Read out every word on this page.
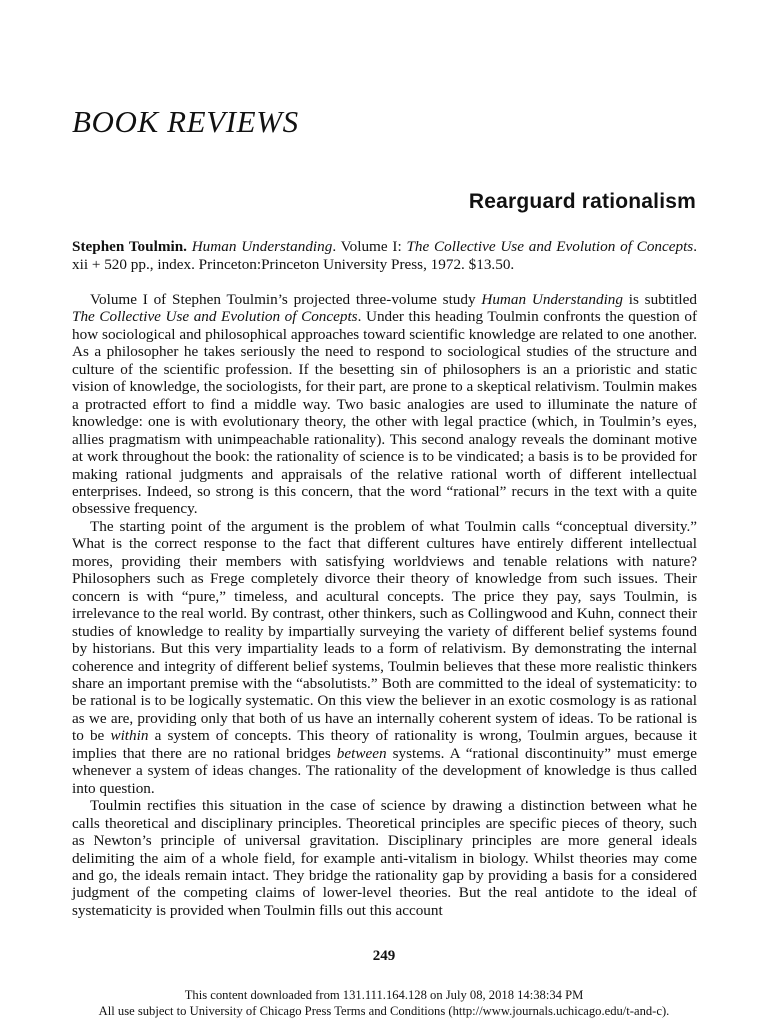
BOOK REVIEWS
Rearguard rationalism

Stephen Toulmin. Human Understanding. Volume I: The Collective Use and Evolution of Concepts. xii + 520 pp., index. Princeton:Princeton University Press, 1972. $13.50.

Volume I of Stephen Toulmin’s projected three-volume study Human Understanding is subtitled The Collective Use and Evolution of Concepts. Under this heading Toulmin confronts the question of how sociological and philosophical approaches toward scientific knowledge are related to one another. As a philosopher he takes seriously the need to respond to sociological studies of the structure and culture of the scientific profession. If the besetting sin of philosophers is an a prioristic and static vision of knowledge, the sociologists, for their part, are prone to a skeptical relativism. Toulmin makes a protracted effort to find a middle way. Two basic analogies are used to illuminate the nature of knowledge: one is with evolutionary theory, the other with legal practice (which, in Toulmin’s eyes, allies pragmatism with unimpeachable rationality). This second analogy reveals the dominant motive at work throughout the book: the rationality of science is to be vindicated; a basis is to be provided for making rational judgments and appraisals of the relative rational worth of different intellectual enterprises. Indeed, so strong is this concern, that the word “rational” recurs in the text with a quite obsessive frequency.

The starting point of the argument is the problem of what Toulmin calls “conceptual diversity.” What is the correct response to the fact that different cultures have entirely different intellectual mores, providing their members with satisfying worldviews and tenable relations with nature? Philosophers such as Frege completely divorce their theory of knowledge from such issues. Their concern is with “pure,” timeless, and acultural concepts. The price they pay, says Toulmin, is irrelevance to the real world. By contrast, other thinkers, such as Collingwood and Kuhn, connect their studies of knowledge to reality by impartially surveying the variety of different belief systems found by historians. But this very impartiality leads to a form of relativism. By demonstrating the internal coherence and integrity of different belief systems, Toulmin believes that these more realistic thinkers share an important premise with the “absolutists.” Both are committed to the ideal of systematicity: to be rational is to be logically systematic. On this view the believer in an exotic cosmology is as rational as we are, providing only that both of us have an internally coherent system of ideas. To be rational is to be within a system of concepts. This theory of rationality is wrong, Toulmin argues, because it implies that there are no rational bridges between systems. A “rational discontinuity” must emerge whenever a system of ideas changes. The rationality of the development of knowledge is thus called into question.

Toulmin rectifies this situation in the case of science by drawing a distinction between what he calls theoretical and disciplinary principles. Theoretical principles are specific pieces of theory, such as Newton’s principle of universal gravitation. Disciplinary principles are more general ideals delimiting the aim of a whole field, for example anti-vitalism in biology. Whilst theories may come and go, the ideals remain intact. They bridge the rationality gap by providing a basis for a considered judgment of the competing claims of lower-level theories. But the real antidote to the ideal of systematicity is provided when Toulmin fills out this account

249

This content downloaded from 131.111.164.128 on July 08, 2018 14:38:34 PM
All use subject to University of Chicago Press Terms and Conditions (http://www.journals.uchicago.edu/t-and-c).
